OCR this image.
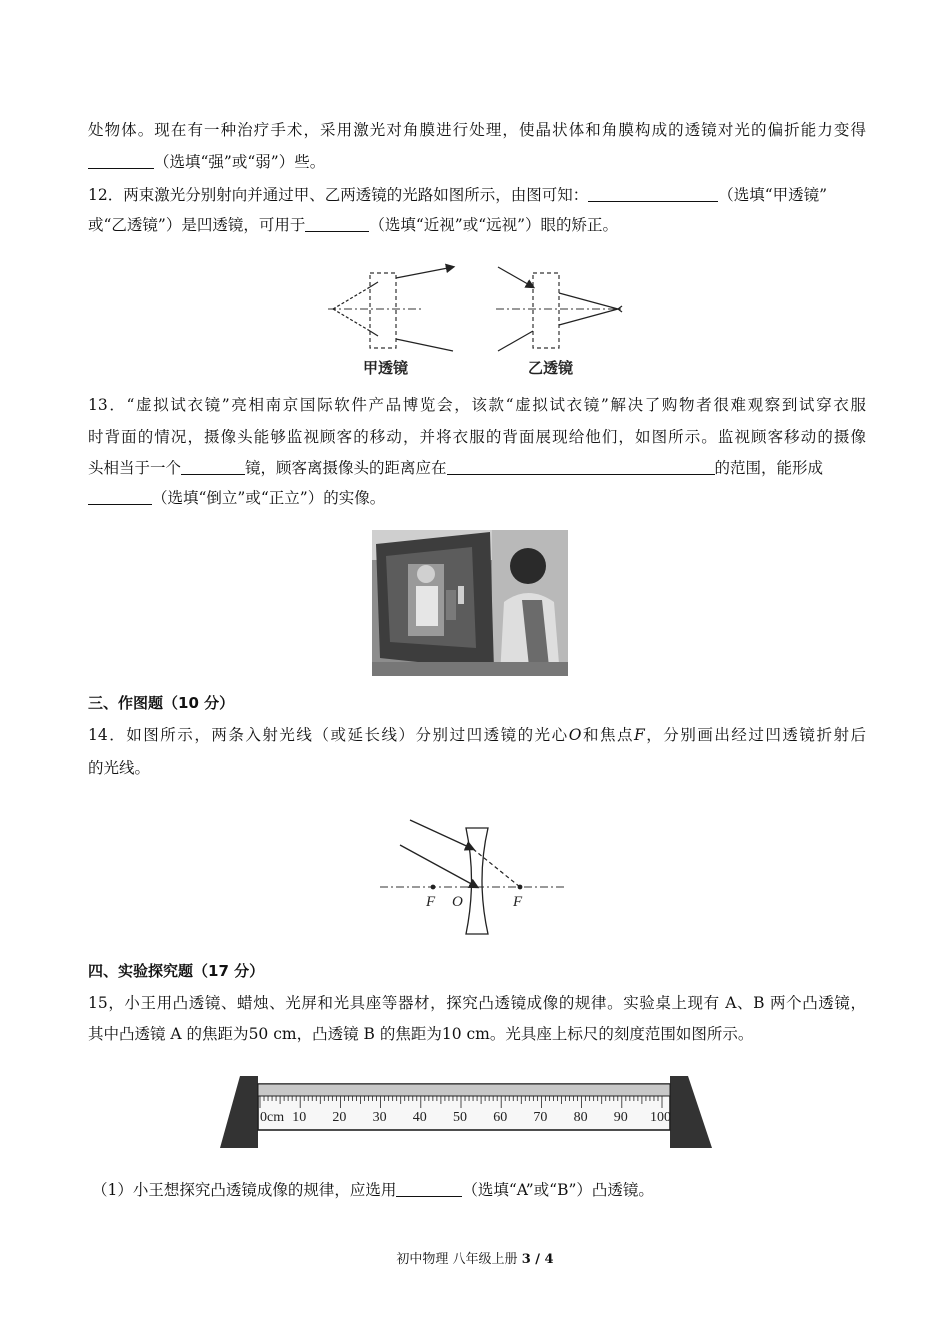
处物体。现在有一种治疗手术，采用激光对角膜进行处理，使晶状体和角膜构成的透镜对光的偏折能力变得
（选填“强”或“弱”）些。
12．两束激光分别射向并通过甲、乙两透镜的光路如图所示，由图可知：	（选填“甲透镜”
或“乙透镜”）是凹透镜，可用于	（选填“近视”或“远视”）眼的矫正。
甲透镜	乙透镜
13．“虚拟试衣镜”亮相南京国际软件产品博览会，该款“虚拟试衣镜”解决了购物者很难观察到试穿衣服
时背面的情况，摄像头能够监视顾客的移动，并将衣服的背面展现给他们，如图所示。监视顾客移动的摄像
头相当于一个	镜，顾客离摄像头的距离应在	的范围，能形成
（选填“倒立”或“正立”）的实像。
三、作图题（10 分）
14．如图所示，两条入射光线（或延长线）分别过凹透镜的光心O和焦点F，分别画出经过凹透镜折射后
的光线。
F O	F
四、实验探究题（17 分）
15，小王用凸透镜、蜡烛、光屏和光具座等器材，探究凸透镜成像的规律。实验桌上现有 A、B 两个凸透镜，
其中凸透镜 A 的焦距为50 cm，凸透镜 B 的焦距为10 cm。光具座上标尺的刻度范围如图所示。
0cm 10 20 30 40 50 60 70 80 90 100
（1）小王想探究凸透镜成像的规律，应选用	（选填“A”或“B”）凸透镜。
初中物理 八年级上册 3 / 4
